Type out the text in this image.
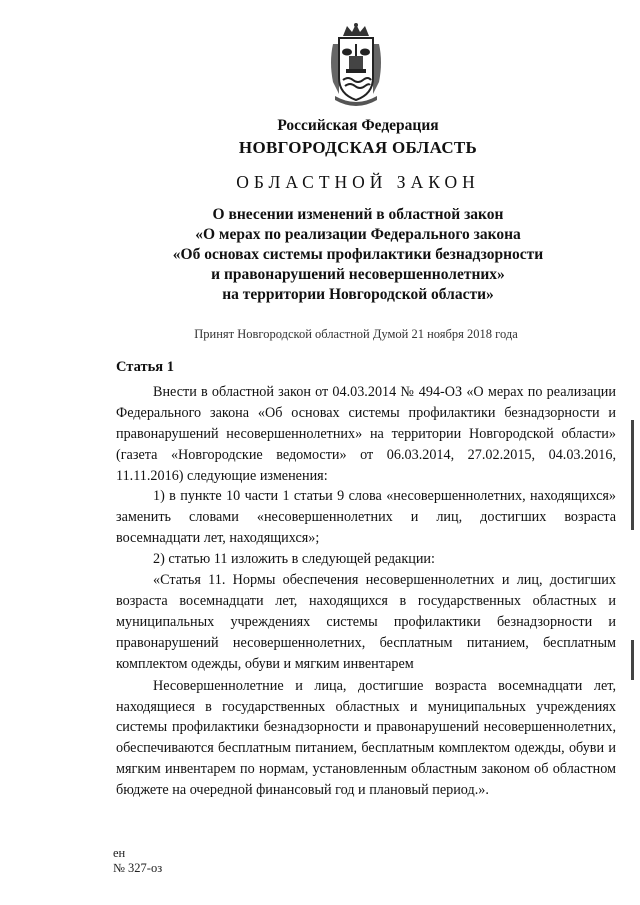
Российская Федерация

НОВГОРОДСКАЯ ОБЛАСТЬ

ОБЛАСТНОЙ ЗАКОН

О внесении изменений в областной закон
«О мерах по реализации Федерального закона
«Об основах системы профилактики безнадзорности
и правонарушений несовершеннолетних»
на территории Новгородской области»

Принят Новгородской областной Думой 21 ноября 2018 года

Статья 1

Внести в областной закон от 04.03.2014 № 494-ОЗ «О мерах по реализации Федерального закона «Об основах системы профилактики безнадзорности и правонарушений несовершеннолетних» на территории Новгородской области» (газета «Новгородские ведомости» от 06.03.2014, 27.02.2015, 04.03.2016, 11.11.2016) следующие изменения:

1) в пункте 10 части 1 статьи 9 слова «несовершеннолетних, находящихся» заменить словами «несовершеннолетних и лиц, достигших возраста восемнадцати лет, находящихся»;

2) статью 11 изложить в следующей редакции:

«Статья 11. Нормы обеспечения несовершеннолетних и лиц, достигших возраста восемнадцати лет, находящихся в государственных областных и муниципальных учреждениях системы профилактики безнадзорности и правонарушений несовершеннолетних, бесплатным питанием, бесплатным комплектом одежды, обуви и мягким инвентарем

Несовершеннолетние и лица, достигшие возраста восемнадцати лет, находящиеся в государственных областных и муниципальных учреждениях системы профилактики безнадзорности и правонарушений несовершеннолетних, обеспечиваются бесплатным питанием, бесплатным комплектом одежды, обуви и мягким инвентарем по нормам, установленным областным законом об областном бюджете на очередной финансовый год и плановый период.».

ен
№ 327-оз
